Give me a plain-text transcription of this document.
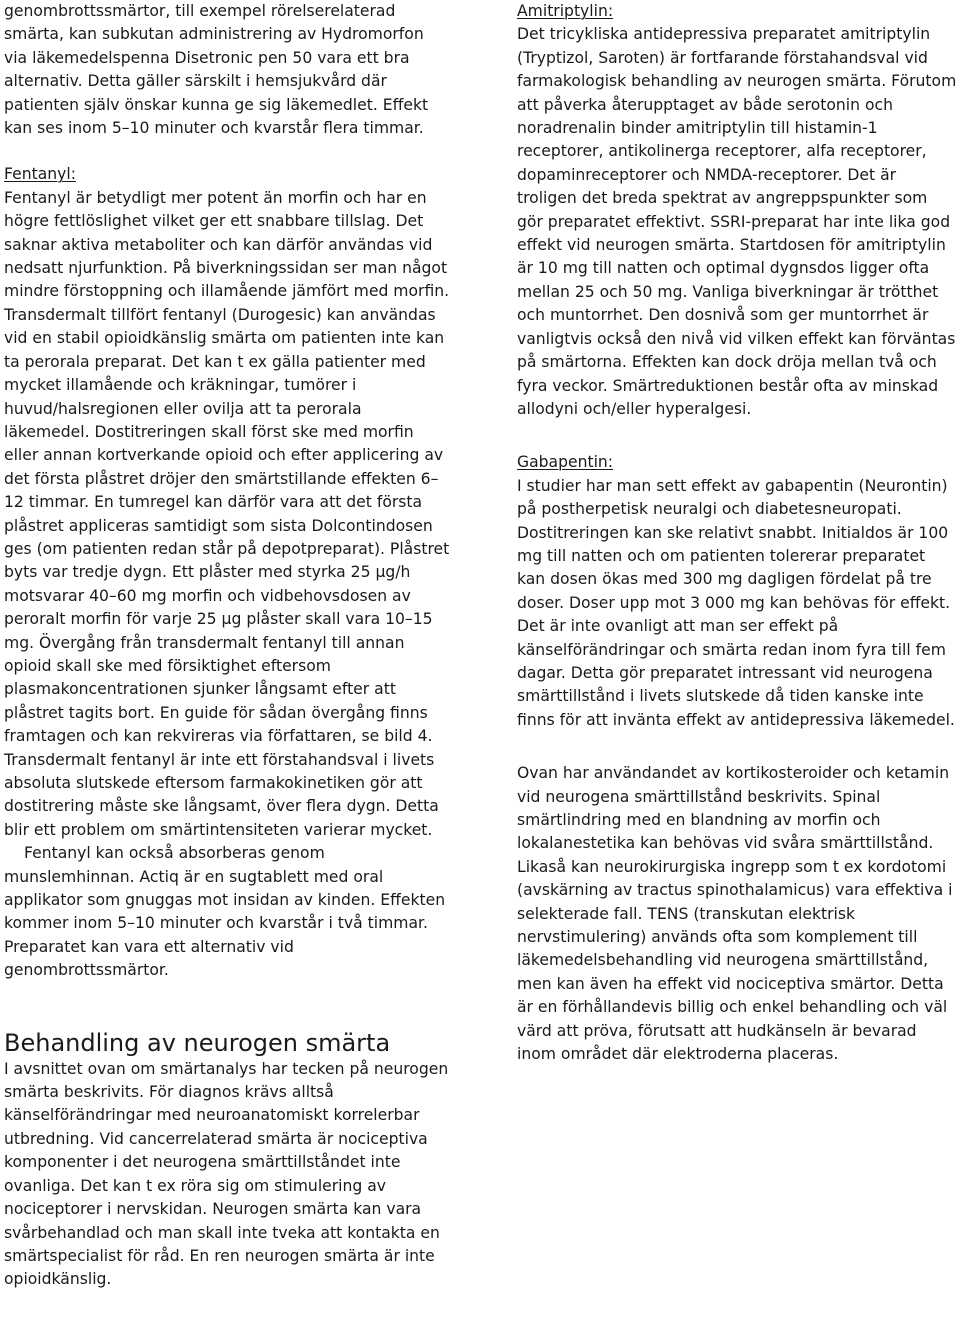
genombrottssmärtor, till exempel rörelserelaterad smärta, kan subkutan administrering av Hydromorfon via läkemedelspenna Disetronic pen 50 vara ett bra alternativ. Detta gäller särskilt i hemsjukvård där patienten själv önskar kunna ge sig läkemedlet. Effekt kan ses inom 5–10 minuter och kvarstår flera timmar.

Fentanyl:

Fentanyl är betydligt mer potent än morfin och har en högre fettlöslighet vilket ger ett snabbare tillslag. Det saknar aktiva metaboliter och kan därför användas vid nedsatt njurfunktion. På biverkningssidan ser man något mindre förstoppning och illamående jämfört med morfin. Transdermalt tillfört fentanyl (Durogesic) kan användas vid en stabil opioidkänslig smärta om patienten inte kan ta perorala preparat. Det kan t ex gälla patienter med mycket illamående och kräkningar, tumörer i huvud/halsregionen eller ovilja att ta perorala läkemedel. Dostitreringen skall först ske med morfin eller annan kortverkande opioid och efter applicering av det första plåstret dröjer den smärtstillande effekten 6–12 timmar. En tumregel kan därför vara att det första plåstret appliceras samtidigt som sista Dolcontindosen ges (om patienten redan står på depotpreparat). Plåstret byts var tredje dygn. Ett plåster med styrka 25 µg/h motsvarar 40–60 mg morfin och vidbehovsdosen av peroralt morfin för varje 25 µg plåster skall vara 10–15 mg. Övergång från transdermalt fentanyl till annan opioid skall ske med försiktighet eftersom plasmakoncentrationen sjunker långsamt efter att plåstret tagits bort. En guide för sådan övergång finns framtagen och kan rekvireras via författaren, se bild 4. Transdermalt fentanyl är inte ett förstahandsval i livets absoluta slutskede eftersom farmakokinetiken gör att dostitrering måste ske långsamt, över flera dygn. Detta blir ett problem om smärtintensiteten varierar mycket.

Fentanyl kan också absorberas genom munslemhinnan. Actiq är en sugtablett med oral applikator som gnuggas mot insidan av kinden. Effekten kommer inom 5–10 minuter och kvarstår i två timmar. Preparatet kan vara ett alternativ vid genombrottssmärtor.

Behandling av neurogen smärta

I avsnittet ovan om smärtanalys har tecken på neurogen smärta beskrivits. För diagnos krävs alltså känselförändringar med neuroanatomiskt korrelerbar utbredning. Vid cancerrelaterad smärta är nociceptiva komponenter i det neurogena smärttillståndet inte ovanliga. Det kan t ex röra sig om stimulering av nociceptorer i nervskidan. Neurogen smärta kan vara svårbehandlad och man skall inte tveka att kontakta en smärtspecialist för råd. En ren neurogen smärta är inte opioidkänslig.

Amitriptylin:

Det tricykliska antidepressiva preparatet amitriptylin (Tryptizol, Saroten) är fortfarande förstahandsval vid farmakologisk behandling av neurogen smärta. Förutom att påverka återupptaget av både serotonin och noradrenalin binder amitriptylin till histamin-1 receptorer, antikolinerga receptorer, alfa receptorer, dopaminreceptorer och NMDA-receptorer. Det är troligen det breda spektrat av angreppspunkter som gör preparatet effektivt. SSRI-preparat har inte lika god effekt vid neurogen smärta. Startdosen för amitriptylin är 10 mg till natten och optimal dygnsdos ligger ofta mellan 25 och 50 mg. Vanliga biverkningar är trötthet och muntorrhet. Den dosnivå som ger muntorrhet är vanligtvis också den nivå vid vilken effekt kan förväntas på smärtorna. Effekten kan dock dröja mellan två och fyra veckor. Smärtreduktionen består ofta av minskad allodyni och/eller hyperalgesi.

Gabapentin:

I studier har man sett effekt av gabapentin (Neurontin) på postherpetisk neuralgi och diabetesneuropati. Dostitreringen kan ske relativt snabbt. Initialdos är 100 mg till natten och om patienten tolererar preparatet kan dosen ökas med 300 mg dagligen fördelat på tre doser. Doser upp mot 3 000 mg kan behövas för effekt. Det är inte ovanligt att man ser effekt på känselförändringar och smärta redan inom fyra till fem dagar. Detta gör preparatet intressant vid neurogena smärttillstånd i livets slutskede då tiden kanske inte finns för att invänta effekt av antidepressiva läkemedel.

Ovan har användandet av kortikosteroider och ketamin vid neurogena smärttillstånd beskrivits. Spinal smärtlindring med en blandning av morfin och lokalanestetika kan behövas vid svåra smärttillstånd. Likaså kan neurokirurgiska ingrepp som t ex kordotomi (avskärning av tractus spinothalamicus) vara effektiva i selekterade fall. TENS (transkutan elektrisk nervstimulering) används ofta som komplement till läkemedelsbehandling vid neurogena smärttillstånd, men kan även ha effekt vid nociceptiva smärtor. Detta är en förhållandevis billig och enkel behandling och väl värd att pröva, förutsatt att hudkänseln är bevarad inom området där elektroderna placeras.
